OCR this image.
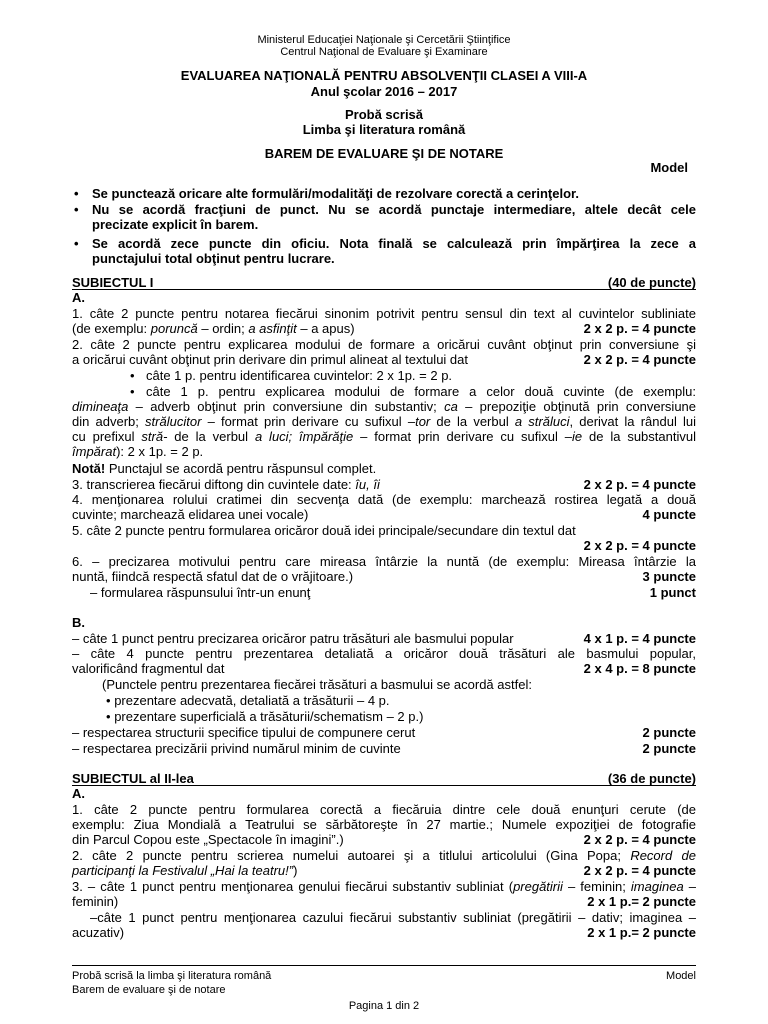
Ministerul Educaţiei Naţionale şi Cercetării Ştiinţifice
Centrul Naţional de Evaluare şi Examinare
EVALUAREA NAŢIONALĂ PENTRU ABSOLVENŢII CLASEI A VIII-A
Anul şcolar 2016 – 2017
Probă scrisă
Limba şi literatura română
BAREM DE EVALUARE ŞI DE NOTARE
Model
• Se punctează oricare alte formulări/modalităţi de rezolvare corectă a cerinţelor.
• Nu se acordă fracţiuni de punct. Nu se acordă punctaje intermediare, altele decât cele
precizate explicit în barem.
• Se acordă zece puncte din oficiu. Nota finală se calculează prin împărţirea la zece a
punctajului total obţinut pentru lucrare.
SUBIECTUL I	(40 de puncte)
A.
1. câte 2 puncte pentru notarea fiecărui sinonim potrivit pentru sensul din text al cuvintelor subliniate
(de exemplu: poruncă – ordin; a asfinţit – a apus)	2 x 2 p. = 4 puncte
2. câte 2 puncte pentru explicarea modului de formare a oricărui cuvânt obţinut prin conversiune şi
a oricărui cuvânt obţinut prin derivare din primul alineat al textului dat	2 x 2 p. = 4 puncte
• câte 1 p. pentru identificarea cuvintelor: 2 x 1p. = 2 p.
• câte 1 p. pentru explicarea modului de formare a celor două cuvinte (de exemplu:
dimineaţa – adverb obţinut prin conversiune din substantiv; ca – prepoziţie obţinută prin conversiune
din adverb; strălucitor – format prin derivare cu sufixul –tor de la verbul a străluci, derivat la rândul lui
cu prefixul stră- de la verbul a luci; împărăţie – format prin derivare cu sufixul –ie de la substantivul
împărat): 2 x 1p. = 2 p.
Notă! Punctajul se acordă pentru răspunsul complet.
3. transcrierea fiecărui diftong din cuvintele date: îu, îi	2 x 2 p. = 4 puncte
4. menţionarea rolului cratimei din secvenţa dată (de exemplu: marchează rostirea legată a două
cuvinte; marchează elidarea unei vocale)	4 puncte
5. câte 2 puncte pentru formularea oricăror două idei principale/secundare din textul dat
2 x 2 p. = 4 puncte
6. – precizarea motivului pentru care mireasa întârzie la nuntă (de exemplu: Mireasa întârzie la
nuntă, fiindcă respectă sfatul dat de o vrăjitoare.)	3 puncte
– formularea răspunsului într-un enunţ	1 punct
B.
– câte 1 punct pentru precizarea oricăror patru trăsături ale basmului popular	4 x 1 p. = 4 puncte
– câte 4 puncte pentru prezentarea detaliată a oricăror două trăsături ale basmului popular,
valorificând fragmentul dat	2 x 4 p. = 8 puncte
(Punctele pentru prezentarea fiecărei trăsături a basmului se acordă astfel:
• prezentare adecvată, detaliată a trăsăturii – 4 p.
• prezentare superficială a trăsăturii/schematism – 2 p.)
– respectarea structurii specifice tipului de compunere cerut	2 puncte
– respectarea precizării privind numărul minim de cuvinte	2 puncte
SUBIECTUL al II-lea	(36 de puncte)
A.
1. câte 2 puncte pentru formularea corectă a fiecăruia dintre cele două enunţuri cerute (de
exemplu: Ziua Mondială a Teatrului se sărbătoreşte în 27 martie.; Numele expoziţiei de fotografie
din Parcul Copou este „Spectacole în imagini”.)	2 x 2 p. = 4 puncte
2. câte 2 puncte pentru scrierea numelui autoarei şi a titlului articolului (Gina Popa; Record de
participanţi la Festivalul „Hai la teatru!”)	2 x 2 p. = 4 puncte
3. – câte 1 punct pentru menţionarea genului fiecărui substantiv subliniat (pregătirii – feminin; imaginea –
feminin)	2 x 1 p.= 2 puncte
–câte 1 punct pentru menţionarea cazului fiecărui substantiv subliniat (pregătirii – dativ; imaginea –
acuzativ)	2 x 1 p.= 2 puncte
Probă scrisă la limba şi literatura română
Barem de evaluare şi de notare
Model
Pagina 1 din 2
